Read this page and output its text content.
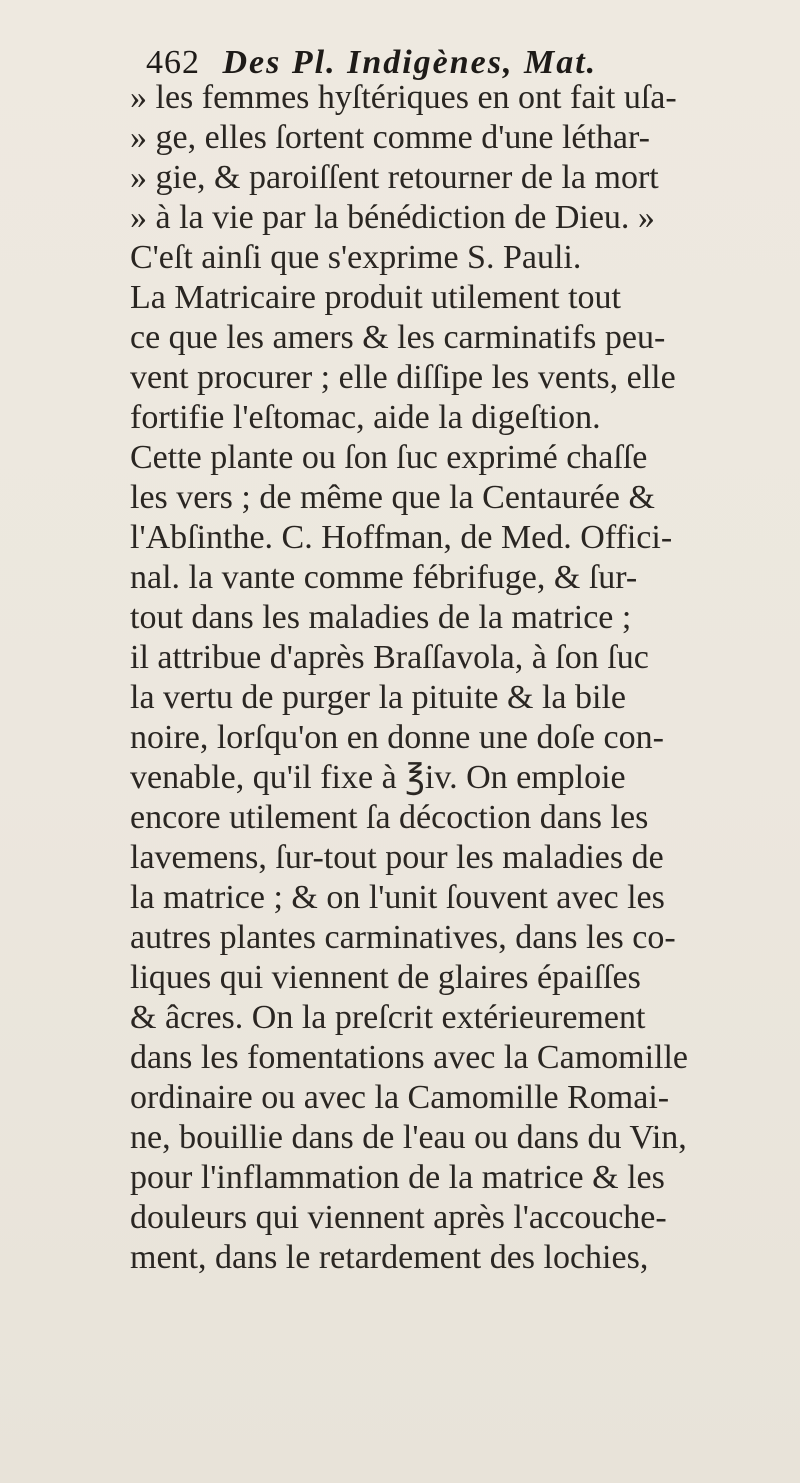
462 Des Pl. Indigènes, Mat.
» les femmes hyſtériques en ont fait uſa-
» ge, elles ſortent comme d'une léthar-
» gie, & paroiſſent retourner de la mort
» à la vie par la bénédiction de Dieu. »
C'eſt ainſi que s'exprime S. Pauli.
La Matricaire produit utilement tout
ce que les amers & les carminatifs peu-
vent procurer ; elle diſſipe les vents, elle
fortifie l'eſtomac, aide la digeſtion.
Cette plante ou ſon ſuc exprimé chaſſe
les vers ; de même que la Centaurée &
l'Abſinthe. C. Hoffman, de Med. Offici-
nal. la vante comme fébrifuge, & ſur-
tout dans les maladies de la matrice ;
il attribue d'après Braſſavola, à ſon ſuc
la vertu de purger la pituite & la bile
noire, lorſqu'on en donne une doſe con-
venable, qu'il fixe à ℥iv. On emploie
encore utilement ſa décoction dans les
lavemens, ſur-tout pour les maladies de
la matrice ; & on l'unit ſouvent avec les
autres plantes carminatives, dans les co-
liques qui viennent de glaires épaiſſes
& âcres. On la preſcrit extérieurement
dans les fomentations avec la Camomille
ordinaire ou avec la Camomille Romai-
ne, bouillie dans de l'eau ou dans du Vin,
pour l'inflammation de la matrice & les
douleurs qui viennent après l'accouche-
ment, dans le retardement des lochies,
